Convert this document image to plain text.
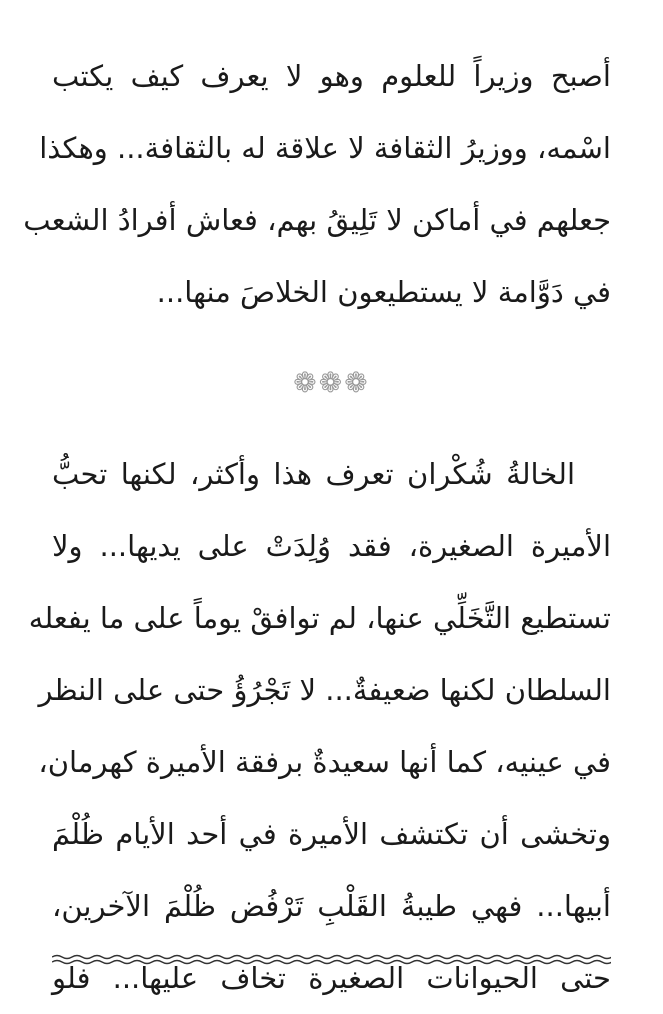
أصبح وزيراً للعلوم وهو لا يعرف كيف يكتب
اسْمه، ووزيرُ الثقافة لا علاقة له بالثقافة... وهكذا
جعلهم في أماكن لا تَلِيقُ بهم، فعاش أفرادُ الشعب
في دَوَّامة لا يستطيعون الخلاصَ منها...
❁❁❁
الخالةُ شُكْران تعرف هذا وأكثر، لكنها تحبُّ
الأميرة الصغيرة، فقد وُلِدَتْ على يديها... ولا
تستطيع التَّخَلِّي عنها، لم توافقْ يوماً على ما يفعله
السلطان لكنها ضعيفةٌ... لا تَجْرُؤُ حتى على النظر
في عينيه، كما أنها سعيدةٌ برفقة الأميرة كهرمان،
وتخشى أن تكتشف الأميرة في أحد الأيام ظُلْمَ
أبيها... فهي طيبةُ القَلْبِ تَرْفُض ظُلْمَ الآخرين،
حتى الحيوانات الصغيرة تخاف عليها... فلو
